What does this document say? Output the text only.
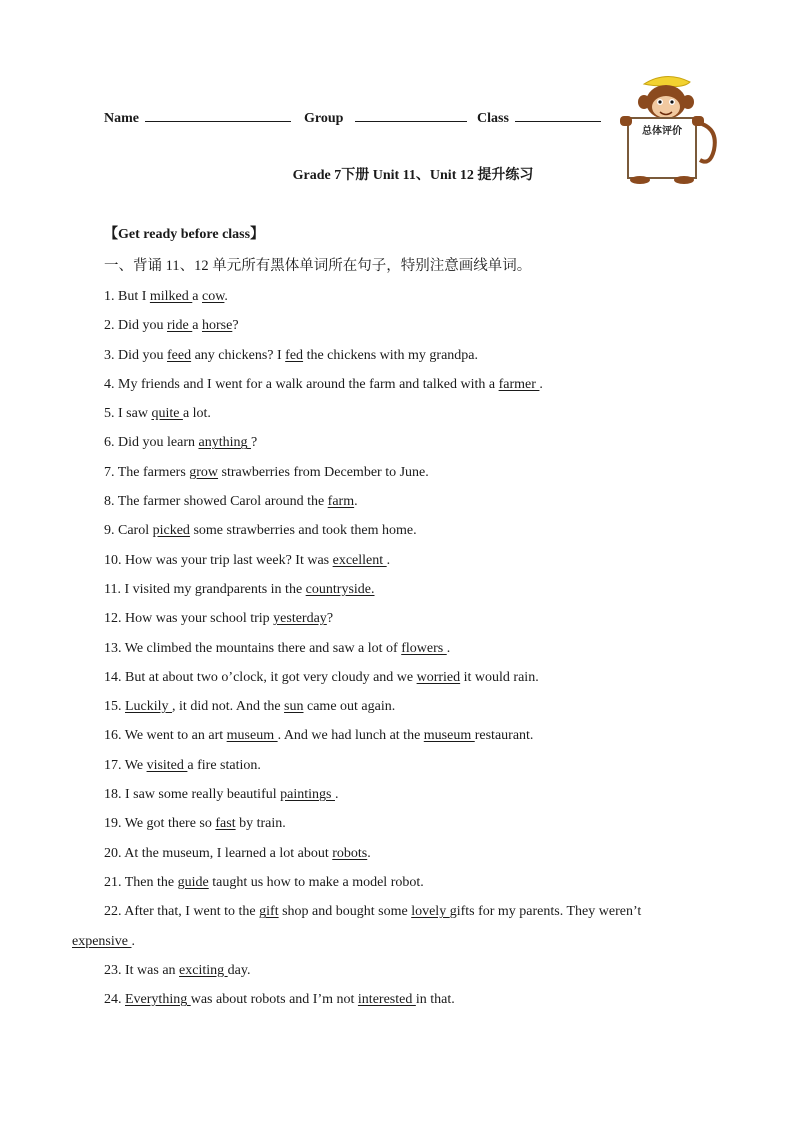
Name	Group	Class
总体评价
Grade 7下册 Unit 11、Unit 12 提升练习
【Get ready before class】
一、背诵 11、12 单元所有黑体单词所在句子，特别注意画线单词。
1. But I milked a cow.
2. Did you ride a horse?
3. Did you feed any chickens? I fed the chickens with my grandpa.
4. My friends and I went for a walk around the farm and talked with a farmer .
5. I saw quite a lot.
6. Did you learn anything ?
7. The farmers grow strawberries from December to June.
8. The farmer showed Carol around the farm.
9. Carol picked some strawberries and took them home.
10. How was your trip last week? It was excellent .
11. I visited my grandparents in the countryside.
12. How was your school trip yesterday?
13. We climbed the mountains there and saw a lot of flowers .
14. But at about two o’clock, it got very cloudy and we worried it would rain.
15. Luckily , it did not. And the sun came out again.
16. We went to an art museum . And we had lunch at the museum restaurant.
17. We visited a fire station.
18. I saw some really beautiful paintings .
19. We got there so fast by train.
20. At the museum, I learned a lot about robots.
21. Then the guide taught us how to make a model robot.
22. After that, I went to the gift shop and bought some lovely gifts for my parents. They weren’t
expensive .
23. It was an exciting day.
24. Everything was about robots and I’m not interested in that.
